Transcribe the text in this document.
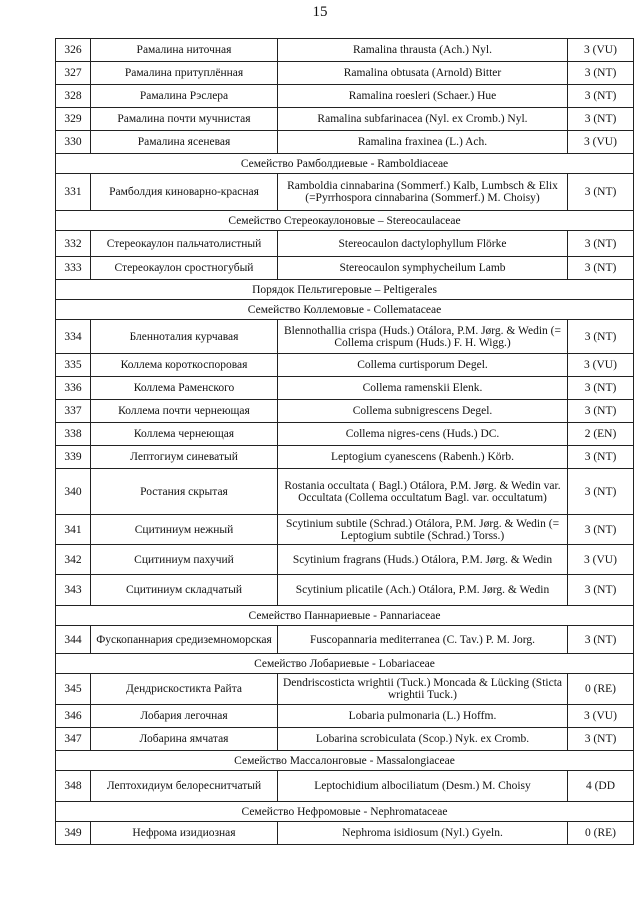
15
326	Рамалина ниточная	Ramalina thrausta (Ach.) Nyl.	3 (VU)
327	Рамалина притуплённая	Ramalina obtusata (Arnold) Bitter	3 (NT)
328	Рамалина Рэслера	Ramalina roesleri (Schaer.) Hue	3 (NT)
329	Рамалина почти мучнистая	Ramalina subfarinacea (Nyl. ex Cromb.) Nyl.	3 (NT)
330	Рамалина ясеневая	Ramalina fraxinea (L.) Ach.	3 (VU)
Семейство Рамболдиевые - Ramboldiaceae			
331	Рамболдия киноварно-красная	Ramboldia cinnabarina (Sommerf.) Kalb, Lumbsch & Elix (=Pyrrhospora cinnabarina (Sommerf.) M. Choisy)	3 (NT)
Семейство Стереокаулоновые – Stereocaulaceae			
332	Стереокаулон пальчатолистный	Stereocaulon dactylophyllum Flörke	3 (NT)
333	Стереокаулон сростногубый	Stereocaulon symphycheilum Lamb	3 (NT)
Порядок Пельтигеровые – Peltigerales			
Семейство Коллемовые - Collemataceae			
334	Бленноталия курчавая	Blennothallia crispa (Huds.) Otálora, P.M. Jørg. & Wedin (= Collema crispum (Huds.) F. H. Wigg.)	3 (NT)
335	Коллема короткоспоровая	Collema curtisporum Degel.	3 (VU)
336	Коллема Раменского	Collema ramenskii Elenk.	3 (NT)
337	Коллема почти чернеющая	Collema subnigrescens Degel.	3 (NT)
338	Коллема чернеющая	Collema nigres-cens (Huds.) DC.	2 (EN)
339	Лептогиум синеватый	Leptogium cyanescens (Rabenh.) Körb.	3 (NT)
340	Ростания скрытая	Rostania occultata ( Bagl.) Otálora, P.M. Jørg. & Wedin var. Occultata (Collema occultatum Bagl. var. occultatum)	3 (NT)
341	Сцитиниум нежный	Scytinium subtile (Schrad.) Otálora, P.M. Jørg. & Wedin (= Leptogium subtile (Schrad.) Torss.)	3 (NT)
342	Сцитиниум пахучий	Scytinium fragrans (Huds.) Otálora, P.M. Jørg. & Wedin	3 (VU)
343	Сцитиниум складчатый	Scytinium plicatile (Ach.) Otálora, P.M. Jørg. & Wedin	3 (NT)
Семейство Паннариевые - Pannariaceae			
344	Фускопаннария средиземноморская	Fuscopannaria mediterranea (C. Tav.) P. M. Jorg.	3 (NT)
Семейство Лобариевые - Lobariaceae			
345	Дендрискостикта Райта	Dendriscosticta wrightii (Tuck.) Moncada & Lücking (Sticta wrightii Tuck.)	0 (RE)
346	Лобария легочная	Lobaria pulmonaria (L.) Hoffm.	3 (VU)
347	Лобарина ямчатая	Lobarina scrobiculata (Scop.) Nyk. ex Cromb.	3 (NT)
Семейство Массалонговые - Massalongiaceae			
348	Лептохидиум белореснитчатый	Leptochidium albociliatum (Desm.) M. Choisy	4 (DD
Семейство Нефромовые - Nephromataceae			
349	Нефрома изидиозная	Nephroma isidiosum (Nyl.) Gyeln.	0 (RE)
